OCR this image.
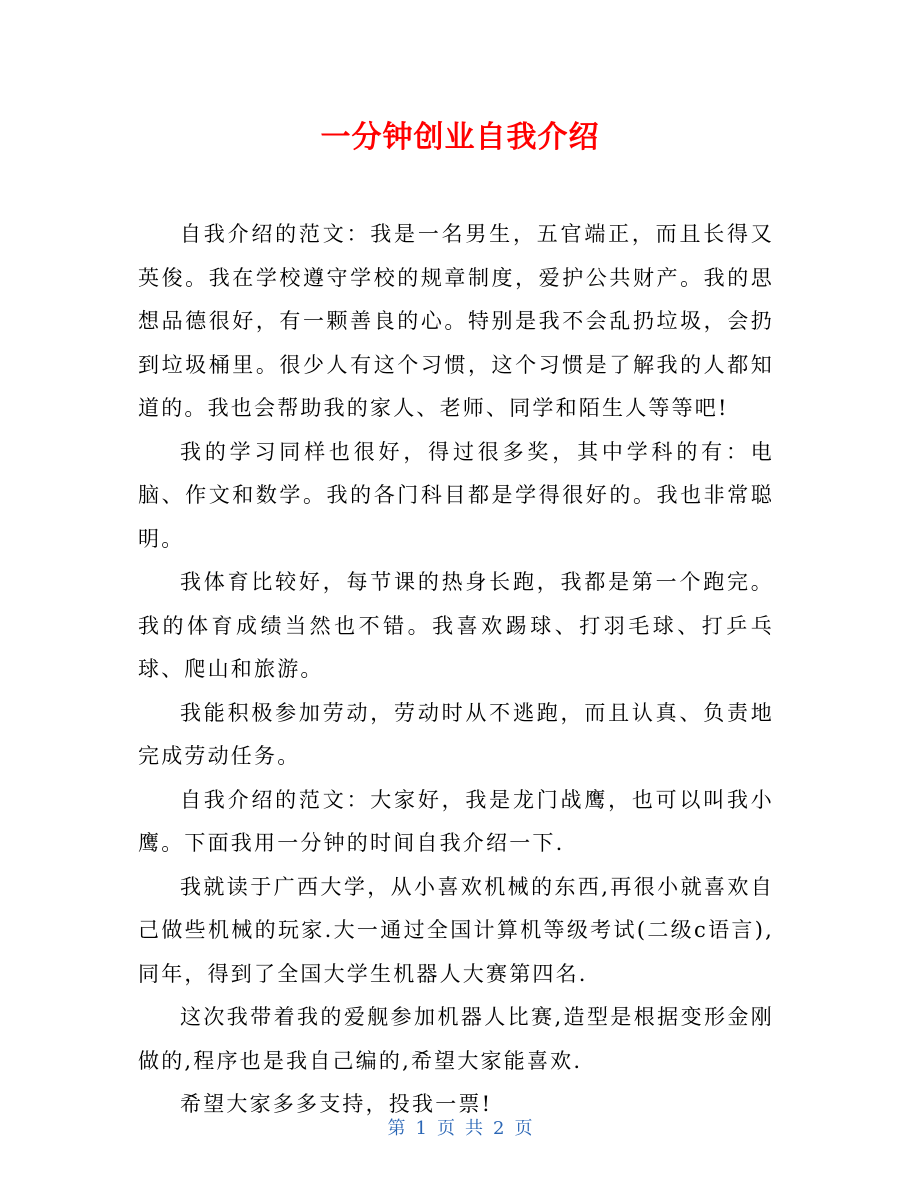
一分钟创业自我介绍

自我介绍的范文：我是一名男生，五官端正，而且长得又英俊。我在学校遵守学校的规章制度，爱护公共财产。我的思想品德很好，有一颗善良的心。特别是我不会乱扔垃圾，会扔到垃圾桶里。很少人有这个习惯，这个习惯是了解我的人都知道的。我也会帮助我的家人、老师、同学和陌生人等等吧!

我的学习同样也很好，得过很多奖，其中学科的有：电脑、作文和数学。我的各门科目都是学得很好的。我也非常聪明。

我体育比较好，每节课的热身长跑，我都是第一个跑完。我的体育成绩当然也不错。我喜欢踢球、打羽毛球、打乒乓球、爬山和旅游。

我能积极参加劳动，劳动时从不逃跑，而且认真、负责地完成劳动任务。

自我介绍的范文：大家好，我是龙门战鹰，也可以叫我小鹰。下面我用一分钟的时间自我介绍一下.

我就读于广西大学，从小喜欢机械的东西,再很小就喜欢自己做些机械的玩家.大一通过全国计算机等级考试(二级c语言),同年，得到了全国大学生机器人大赛第四名.

这次我带着我的爱舰参加机器人比赛,造型是根据变形金刚做的,程序也是我自己编的,希望大家能喜欢.

希望大家多多支持，投我一票!

第 1 页 共 2 页
